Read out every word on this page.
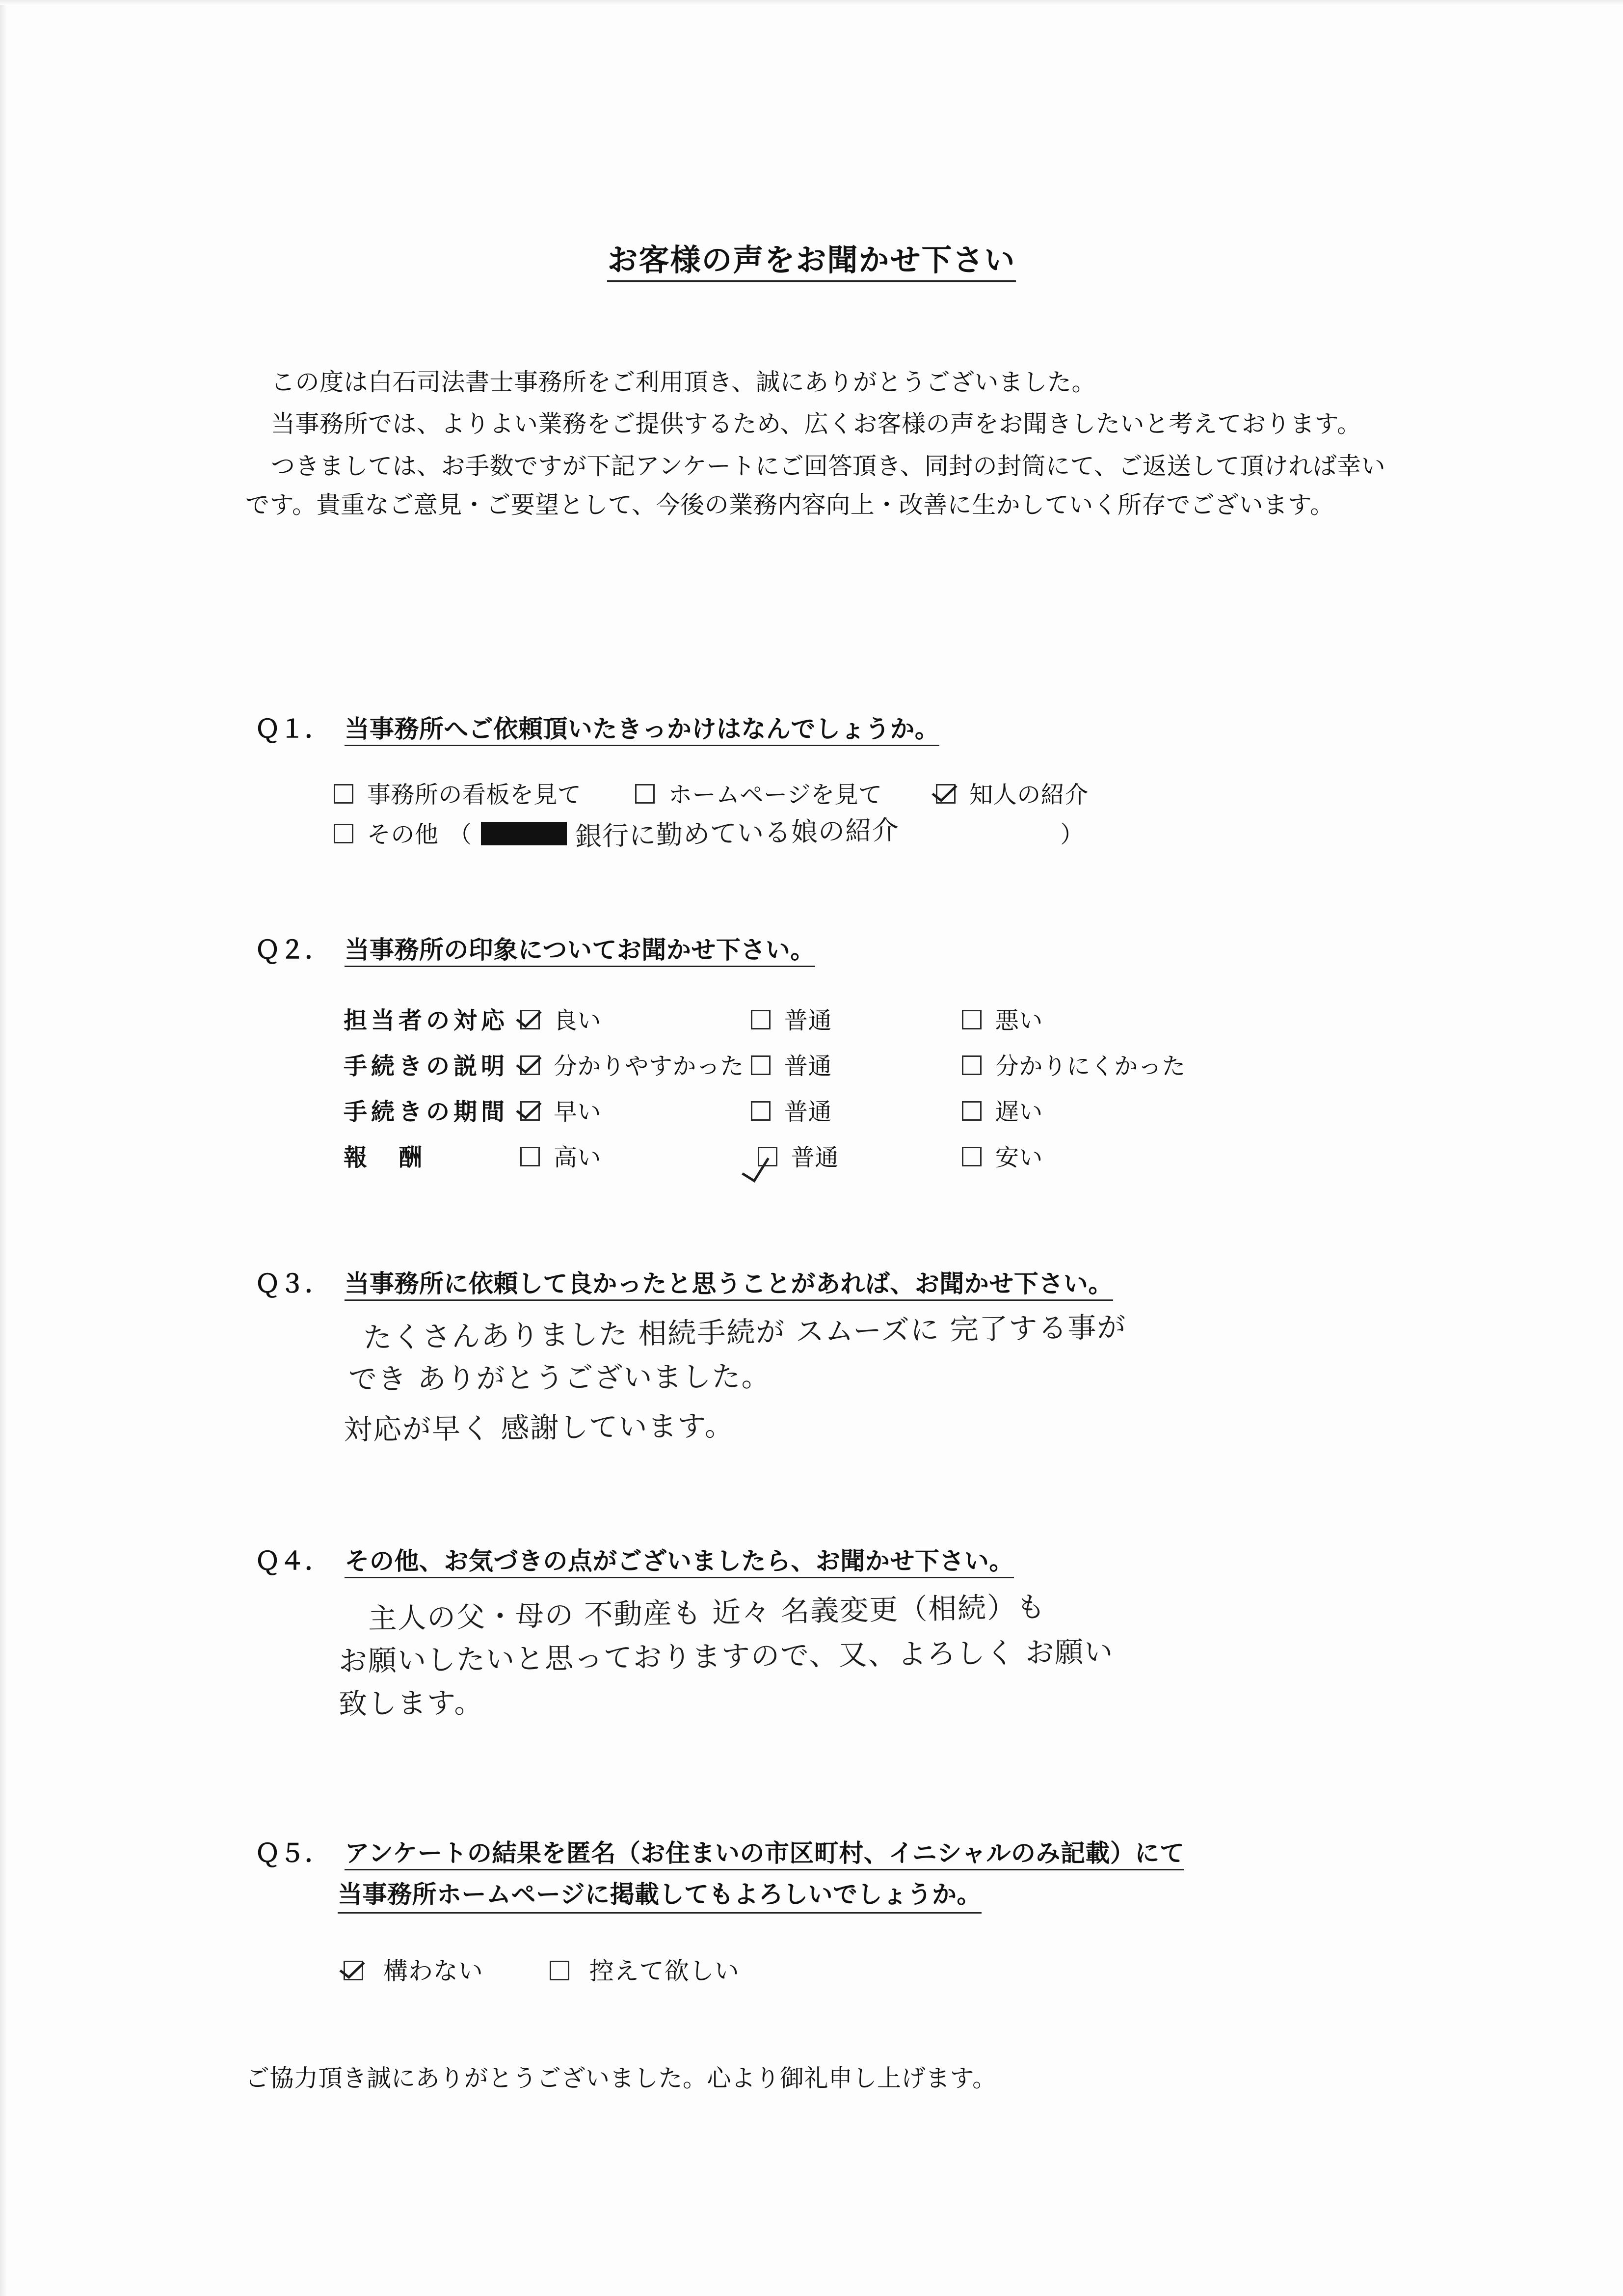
お客様の声をお聞かせ下さい

この度は白石司法書士事務所をご利用頂き、誠にありがとうございました。

当事務所では、よりよい業務をご提供するため、広くお客様の声をお聞きしたいと考えております。

つきましては、お手数ですが下記アンケートにご回答頂き、同封の封筒にて、ご返送して頂ければ幸いです。貴重なご意見・ご要望として、今後の業務内容向上・改善に生かしていく所存でございます。

Ｑ１． 当事務所へご依頼頂いたきっかけはなんでしょうか。
事務所の看板を見て	ホームページを見て	知人の紹介
その他 （	銀行に勤めている娘の紹介	）
Ｑ２． 当事務所の印象についてお聞かせ下さい。
担当者の対応	良い	普通	悪い
手続きの説明	分かりやすかった	普通	分かりにくかった
手続きの期間	早い	普通	遅い
報　酬	高い	普通	安い
Ｑ３． 当事務所に依頼して良かったと思うことがあれば、お聞かせ下さい。
たくさんありました 相続手続が スムーズに 完了する事が
でき ありがとうございました。
対応が早く 感謝しています。
Ｑ４． その他、お気づきの点がございましたら、お聞かせ下さい。
主人の父・母の 不動産も 近々 名義変更（相続）も
お願いしたいと思っておりますので、又、よろしく お願い
致します。
Ｑ５． アンケートの結果を匿名（お住まいの市区町村、イニシャルのみ記載）にて
当事務所ホームページに掲載してもよろしいでしょうか。
構わない	控えて欲しい
ご協力頂き誠にありがとうございました。心より御礼申し上げます。
